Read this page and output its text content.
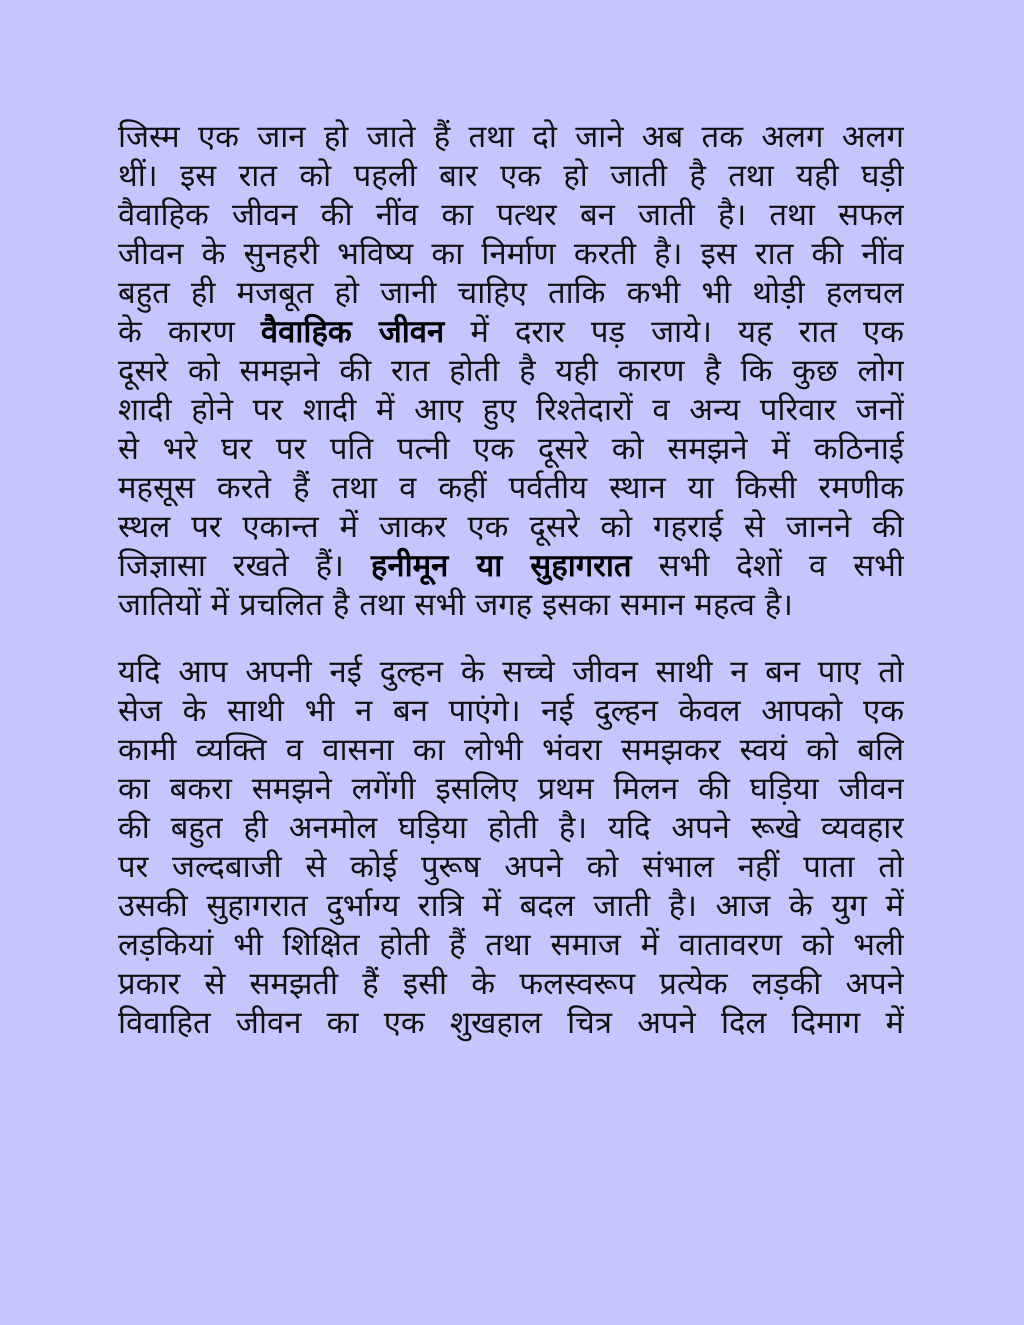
जिस्म एक जान हो जाते हैं तथा दो जाने अब तक अलग अलग
थीं। इस रात को पहली बार एक हो जाती है तथा यही घड़ी
वैवाहिक जीवन की नींव का पत्थर बन जाती है। तथा सफल
जीवन के सुनहरी भविष्य का निर्माण करती है। इस रात की नींव
बहुत ही मजबूत हो जानी चाहिए ताकि कभी भी थोड़ी हलचल
के कारण वैवाहिक जीवन में दरार पड़ जाये। यह रात एक
दूसरे को समझने की रात होती है यही कारण है कि कुछ लोग
शादी होने पर शादी में आए हुए रिश्तेदारों व अन्य परिवार जनों
से भरे घर पर पति पत्नी एक दूसरे को समझने में कठिनाई
महसूस करते हैं तथा व कहीं पर्वतीय स्थान या किसी रमणीक
स्थल पर एकान्त में जाकर एक दूसरे को गहराई से जानने की
जिज्ञासा रखते हैं। हनीमून या सुहागरात सभी देशों व सभी
जातियों में प्रचलित है तथा सभी जगह इसका समान महत्व है।

यदि आप अपनी नई दुल्हन के सच्चे जीवन साथी न बन पाए तो
सेज के साथी भी न बन पाएंगे। नई दुल्हन केवल आपको एक
कामी व्यक्ति व वासना का लोभी भंवरा समझकर स्वयं को बलि
का बकरा समझने लगेंगी इसलिए प्रथम मिलन की घड़िया जीवन
की बहुत ही अनमोल घड़िया होती है। यदि अपने रूखे व्यवहार
पर जल्दबाजी से कोई पुरूष अपने को संभाल नहीं पाता तो
उसकी सुहागरात दुर्भाग्य रात्रि में बदल जाती है। आज के युग में
लड़कियां भी शिक्षित होती हैं तथा समाज में वातावरण को भली
प्रकार से समझती हैं इसी के फलस्वरूप प्रत्येक लड़की अपने
विवाहित जीवन का एक शुखहाल चित्र अपने दिल दिमाग में
